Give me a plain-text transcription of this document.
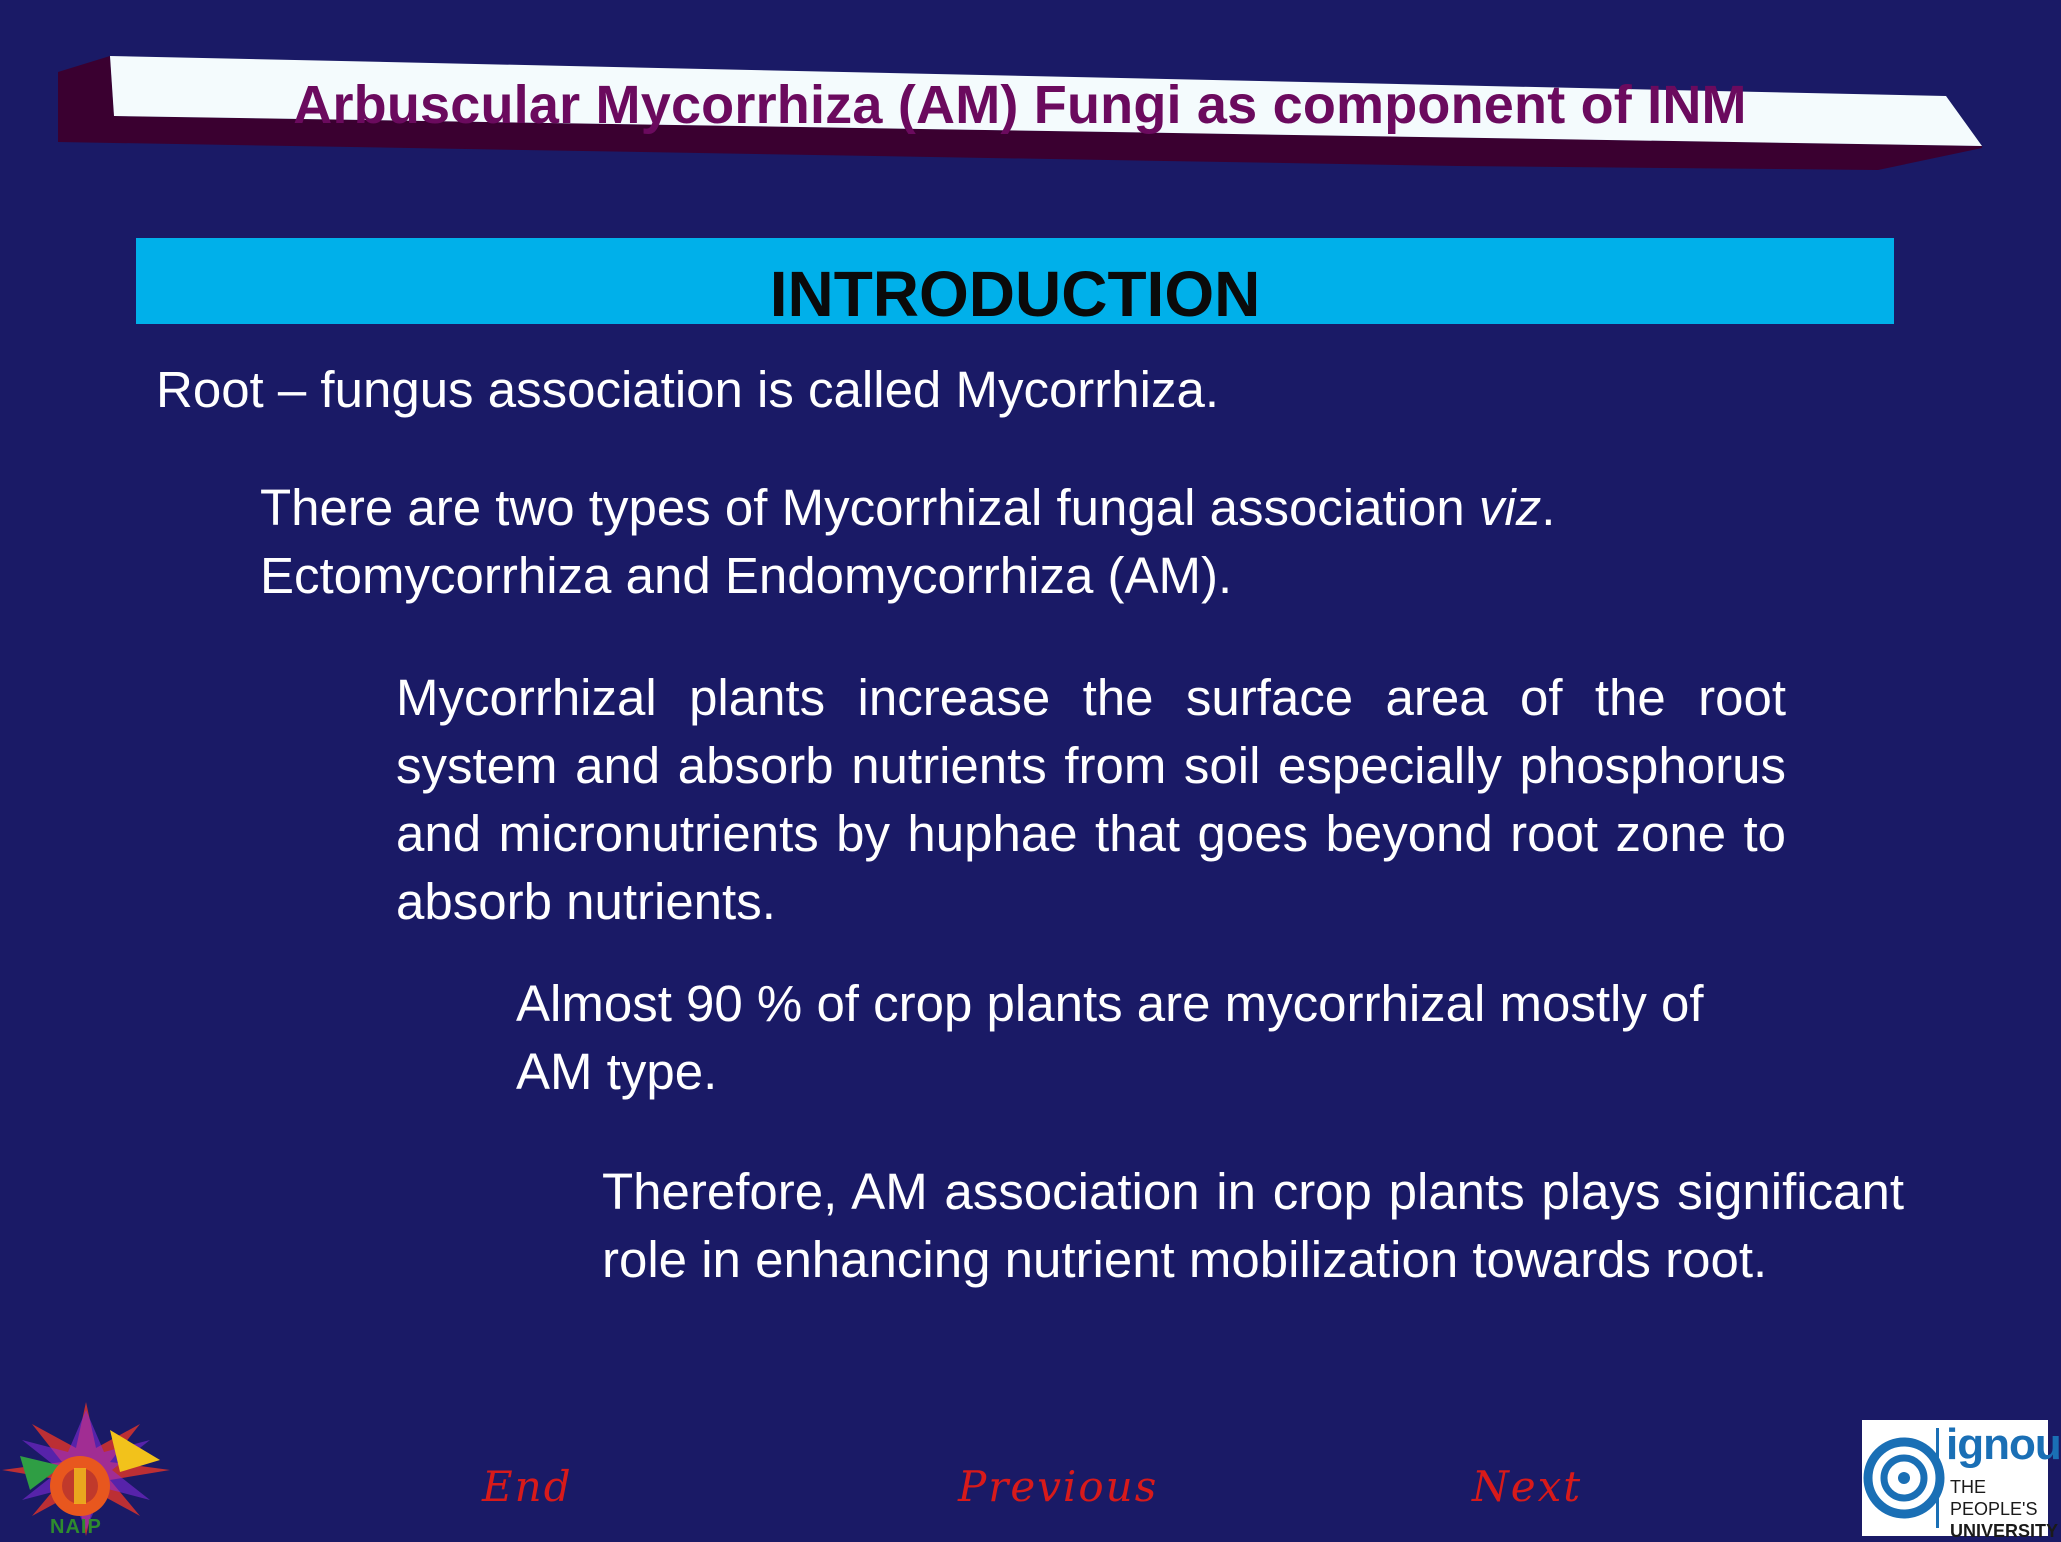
Arbuscular Mycorrhiza (AM) Fungi as component of INM
INTRODUCTION
Root – fungus association is called Mycorrhiza.
There are two types of Mycorrhizal fungal association viz. Ectomycorrhiza and Endomycorrhiza (AM).
Mycorrhizal plants increase the surface area of the root system and absorb nutrients from soil especially phosphorus and micronutrients by huphae that goes beyond root zone to absorb nutrients.
Almost 90 % of crop plants are mycorrhizal mostly of AM type.
Therefore, AM association in crop plants plays significant role in enhancing nutrient mobilization towards root.
End	Previous	Next
NAIP
ignou
THE PEOPLE'S
UNIVERSITY
